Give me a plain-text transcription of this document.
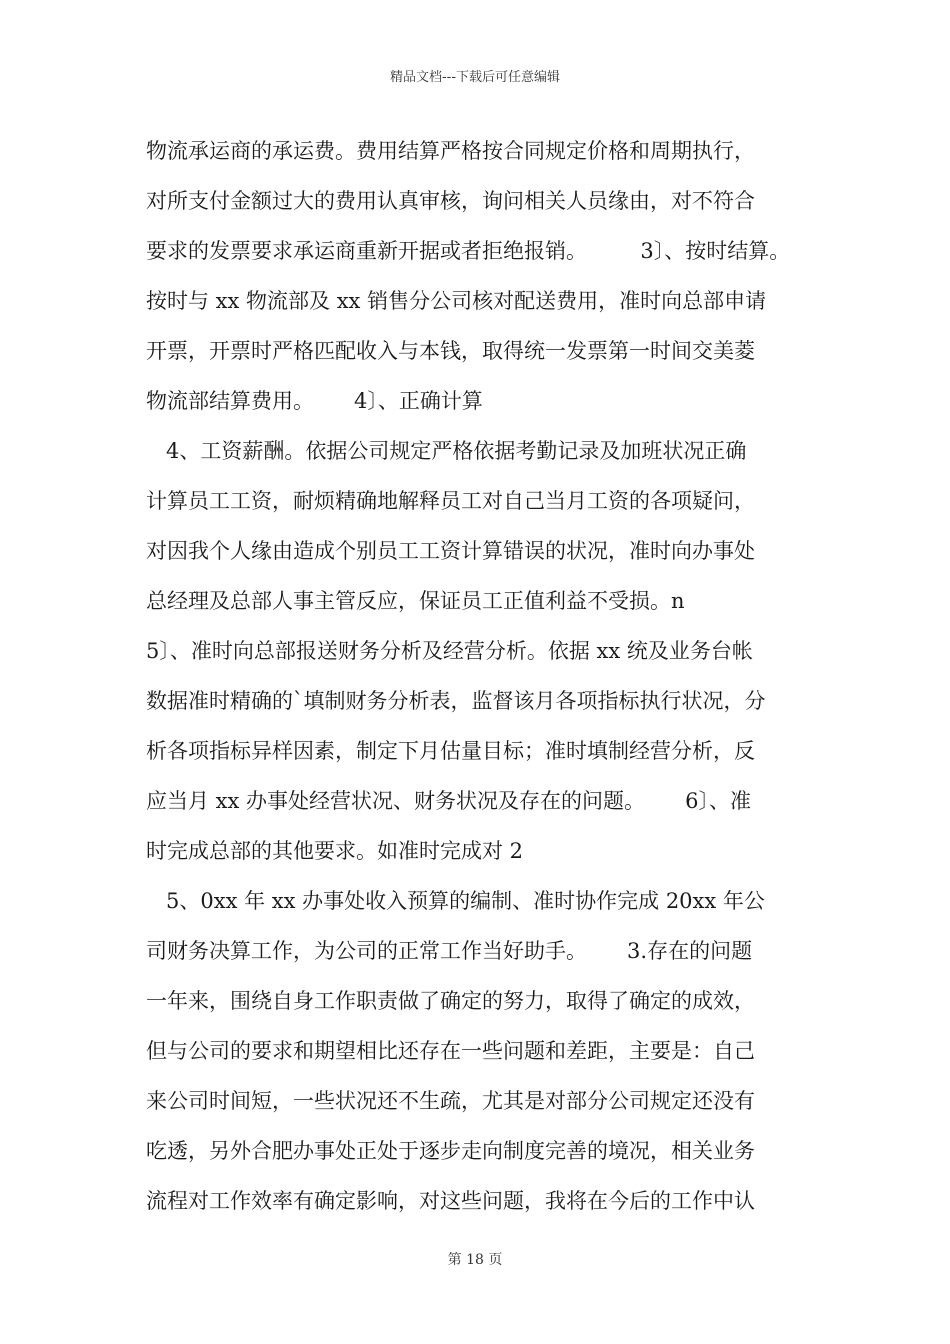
精品文档---下载后可任意编辑
物流承运商的承运费。费用结算严格按合同规定价格和周期执行，
对所支付金额过大的费用认真审核，询问相关人员缘由，对不符合
要求的发票要求承运商重新开据或者拒绝报销。        3〕、按时结算。
按时与 xx 物流部及 xx 销售分公司核对配送费用，准时向总部申请
开票，开票时严格匹配收入与本钱，取得统一发票第一时间交美菱
物流部结算费用。      4〕、正确计算
4、工资薪酬。依据公司规定严格依据考勤记录及加班状况正确
计算员工工资，耐烦精确地解释员工对自己当月工资的各项疑问，
对因我个人缘由造成个别员工工资计算错误的状况，准时向办事处
总经理及总部人事主管反应，保证员工正值利益不受损。n
5〕、准时向总部报送财务分析及经营分析。依据 xx 统及业务台帐
数据准时精确的`填制财务分析表，监督该月各项指标执行状况，分
析各项指标异样因素，制定下月估量目标；准时填制经营分析，反
应当月 xx 办事处经营状况、财务状况及存在的问题。      6〕、准
时完成总部的其他要求。如准时完成对 2
5、0xx 年 xx 办事处收入预算的编制、准时协作完成 20xx 年公
司财务决算工作，为公司的正常工作当好助手。      3.存在的问题
一年来，围绕自身工作职责做了确定的努力，取得了确定的成效，
但与公司的要求和期望相比还存在一些问题和差距，主要是：自己
来公司时间短，一些状况还不生疏，尤其是对部分公司规定还没有
吃透，另外合肥办事处正处于逐步走向制度完善的境况，相关业务
流程对工作效率有确定影响，对这些问题，我将在今后的工作中认
第 18 页
